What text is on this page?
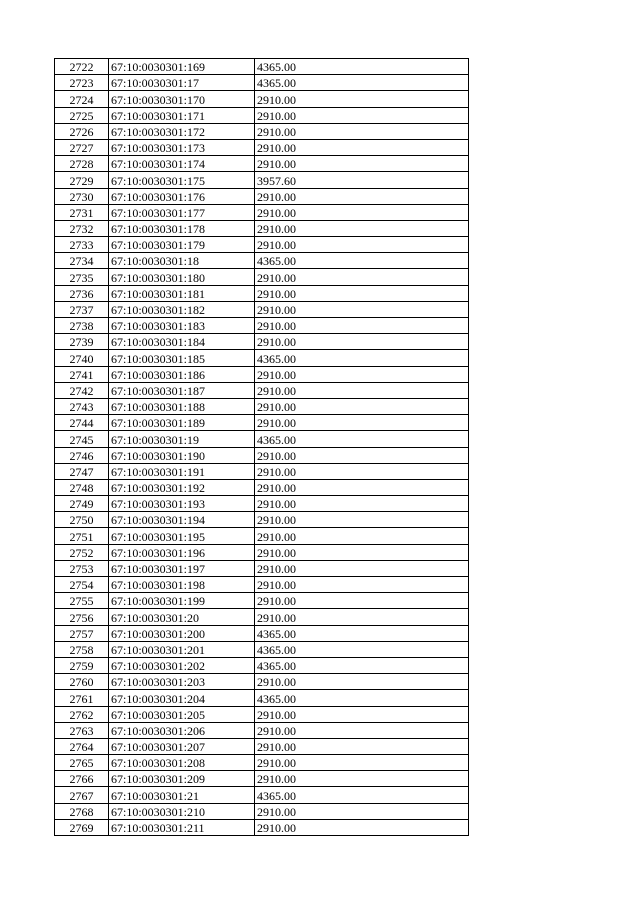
2722	67:10:0030301:169	4365.00
2723	67:10:0030301:17	4365.00
2724	67:10:0030301:170	2910.00
2725	67:10:0030301:171	2910.00
2726	67:10:0030301:172	2910.00
2727	67:10:0030301:173	2910.00
2728	67:10:0030301:174	2910.00
2729	67:10:0030301:175	3957.60
2730	67:10:0030301:176	2910.00
2731	67:10:0030301:177	2910.00
2732	67:10:0030301:178	2910.00
2733	67:10:0030301:179	2910.00
2734	67:10:0030301:18	4365.00
2735	67:10:0030301:180	2910.00
2736	67:10:0030301:181	2910.00
2737	67:10:0030301:182	2910.00
2738	67:10:0030301:183	2910.00
2739	67:10:0030301:184	2910.00
2740	67:10:0030301:185	4365.00
2741	67:10:0030301:186	2910.00
2742	67:10:0030301:187	2910.00
2743	67:10:0030301:188	2910.00
2744	67:10:0030301:189	2910.00
2745	67:10:0030301:19	4365.00
2746	67:10:0030301:190	2910.00
2747	67:10:0030301:191	2910.00
2748	67:10:0030301:192	2910.00
2749	67:10:0030301:193	2910.00
2750	67:10:0030301:194	2910.00
2751	67:10:0030301:195	2910.00
2752	67:10:0030301:196	2910.00
2753	67:10:0030301:197	2910.00
2754	67:10:0030301:198	2910.00
2755	67:10:0030301:199	2910.00
2756	67:10:0030301:20	2910.00
2757	67:10:0030301:200	4365.00
2758	67:10:0030301:201	4365.00
2759	67:10:0030301:202	4365.00
2760	67:10:0030301:203	2910.00
2761	67:10:0030301:204	4365.00
2762	67:10:0030301:205	2910.00
2763	67:10:0030301:206	2910.00
2764	67:10:0030301:207	2910.00
2765	67:10:0030301:208	2910.00
2766	67:10:0030301:209	2910.00
2767	67:10:0030301:21	4365.00
2768	67:10:0030301:210	2910.00
2769	67:10:0030301:211	2910.00
